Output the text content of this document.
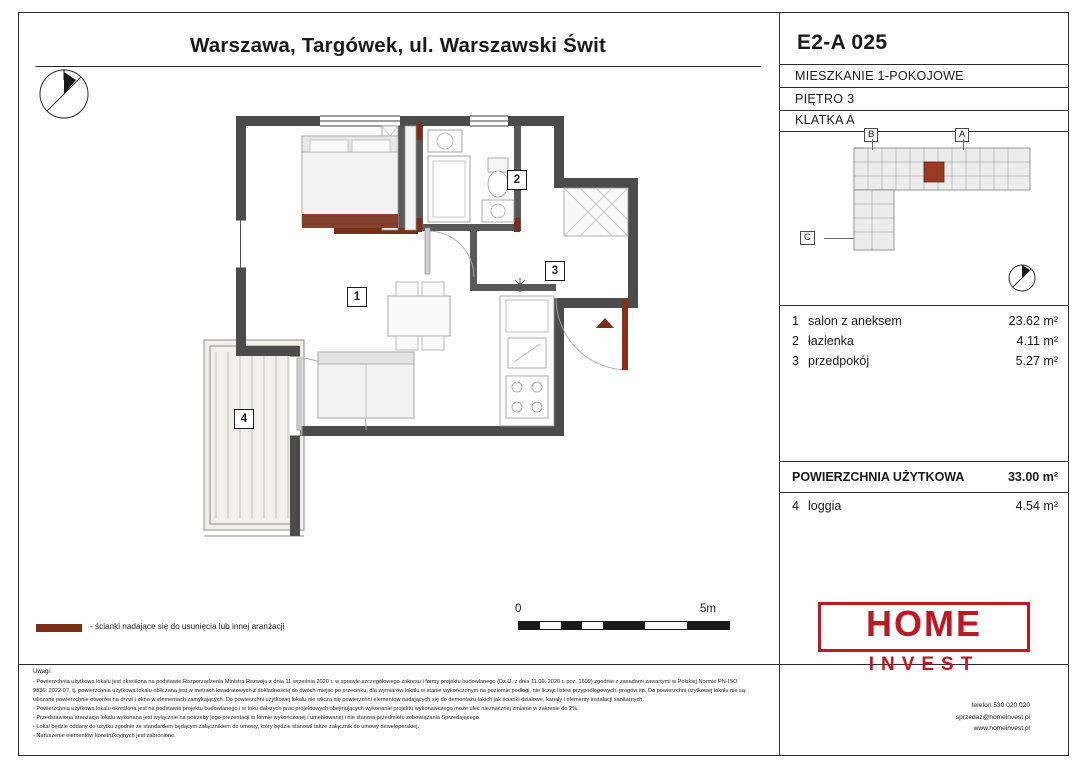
Warszawa, Targówek, ul. Warszawski Świt	E2-A 025
MIESZKANIE 1-POKOJOWE
PIĘTRO 3
KLATKA A
B	A
C
1 salon z aneksem	23.62 m²
2 łazienka	4.11 m²
3 przedpokój	5.27 m²
POWIERZCHNIA UŻYTKOWA	33.00 m²
4 loggia	4.54 m²
1
2
3
4
0	5m
- ścianki nadające się do usunięcia lub innej aranżacji
Uwagi:
- Powierzchnia użytkowa lokalu jest określona na podstawie Rozporządzenia Ministra Rozwoju z dnia 11 września 2020 r. w sprawie szczegółowego zakresu i formy projektu budowlanego (Dz.U. z dnia 11.09. 2020 r. poz. 1609) zgodnie z zasadami zawartymi w Polskiej Normie PN-ISO
9836: 2022-07, tj. powierzchnia użytkowa lokalu obliczana jest w metrach kwadratowych z dokładnością do dwóch miejsc po przecinku, dla wymiarów lokalu w stanie wykończonym na poziomie podłogi, nie licząc listew przypodłogowych, progów itp. Do powierzchni użytkowej lokalu nie są
wliczane powierzchnie otworów na drzwi i okna w elementach zamykających. Do powierzchni użytkowej lokalu nie wlicza się powierzchni elementów nadających się do demontażu takich jak ścianki działowe, kanały i elementy instalacji sanitarnych.
- Powierzchnia użytkowa lokalu określona jest na podstawie projektu budowlanego i w toku dalszych prac projektowych obejmujących wykonanie projektu wykonawczego może ulec nieznacznej zmianie w zakresie do 2%.
- Przedstawiona aranżacja lokalu wykonana jest wyłącznie na potrzeby jego prezentacji w formie wykończonej i umeblowanej i nie stanowi przedmiotu zobowiązania Sprzedającego.
- Lokal będzie oddany do użytku zgodnie ze standardem będącym załącznikiem do umowy, który będzie stanowił także załącznik do umowy deweloperskiej.
- Naruszenie elementów konstrukcyjnych jest zabronione.
HOME
INVEST
telefon 530 020 020
sprzedaz@homeinvest.pl
www.homeinvest.pl
